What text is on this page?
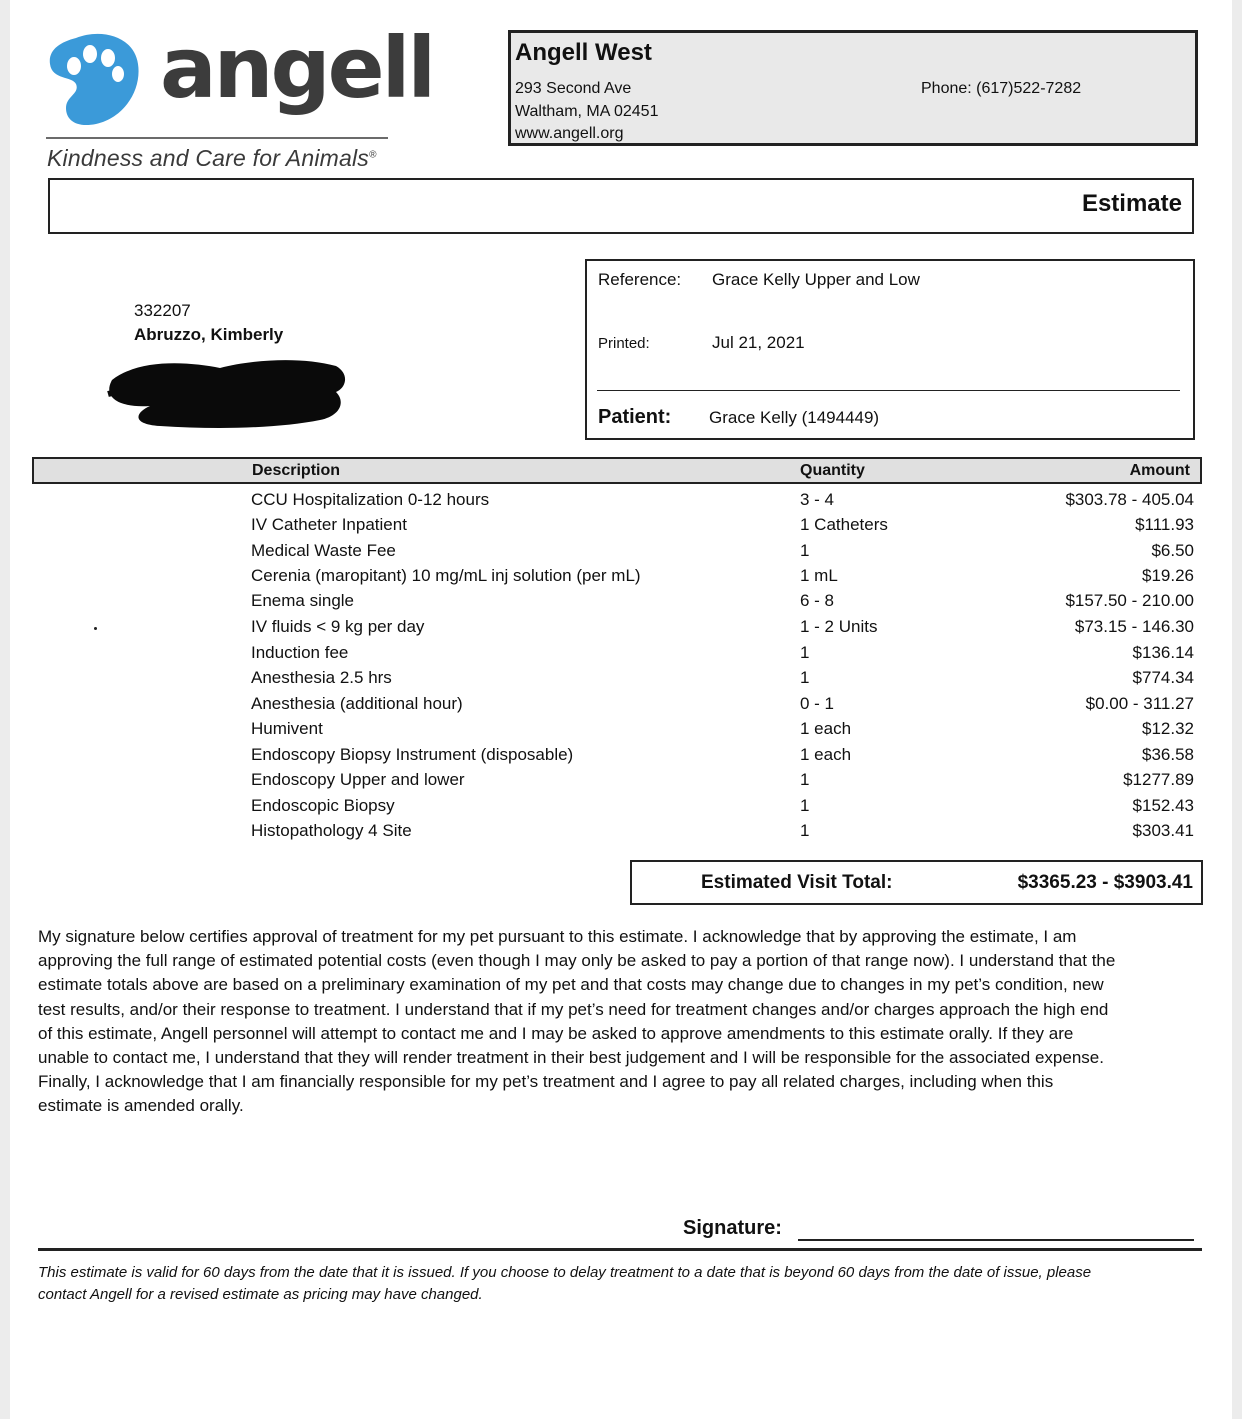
angell
Kindness and Care for Animals®
Angell West
293 Second Ave
Waltham, MA 02451
www.angell.org
Phone: (617)522-7282
Estimate
332207
Abruzzo, Kimberly
Reference: Grace Kelly Upper and Low
Printed:	Jul 21, 2021
Patient: Grace Kelly (1494449)
Description	Quantity	Amount
CCU Hospitalization 0-12 hours	3 - 4	$303.78 - 405.04
IV Catheter Inpatient	1 Catheters	$111.93
Medical Waste Fee	1	$6.50
Cerenia (maropitant) 10 mg/mL inj solution (per mL)	1 mL	$19.26
Enema single	6 - 8	$157.50 - 210.00
IV fluids < 9 kg per day	1 - 2 Units	$73.15 - 146.30
Induction fee	1	$136.14
Anesthesia 2.5 hrs	1	$774.34
Anesthesia (additional hour)	0 - 1	$0.00 - 311.27
Humivent	1 each	$12.32
Endoscopy Biopsy Instrument (disposable)	1 each	$36.58
Endoscopy Upper and lower	1	$1277.89
Endoscopic Biopsy	1	$152.43
Histopathology 4 Site	1	$303.41
Estimated Visit Total:	$3365.23 - $3903.41
My signature below certifies approval of treatment for my pet pursuant to this estimate. I acknowledge that by approving the estimate, I am approving the full range of estimated potential costs (even though I may only be asked to pay a portion of that range now). I understand that the estimate totals above are based on a preliminary examination of my pet and that costs may change due to changes in my pet’s condition, new test results, and/or their response to treatment. I understand that if my pet’s need for treatment changes and/or charges approach the high end of this estimate, Angell personnel will attempt to contact me and I may be asked to approve amendments to this estimate orally. If they are unable to contact me, I understand that they will render treatment in their best judgement and I will be responsible for the associated expense. Finally, I acknowledge that I am financially responsible for my pet’s treatment and I agree to pay all related charges, including when this estimate is amended orally.
Signature:
This estimate is valid for 60 days from the date that it is issued. If you choose to delay treatment to a date that is beyond 60 days from the date of issue, please contact Angell for a revised estimate as pricing may have changed.
